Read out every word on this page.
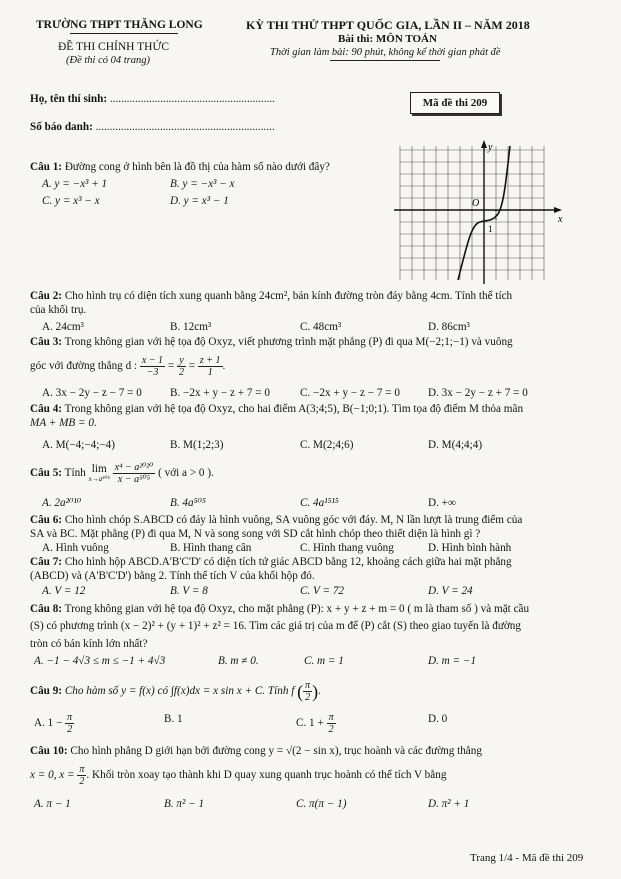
TRƯỜNG THPT THĂNG LONG
ĐỀ THI CHÍNH THỨC
(Đề thi có 04 trang)
KỲ THI THỬ THPT QUỐC GIA, LẦN II – NĂM 2018
Bài thi: MÔN TOÁN
Thời gian làm bài: 90 phút, không kể thời gian phát đề
Họ, tên thí sinh: ...........................................................
Số báo danh: ................................................................
Mã đề thi 209
x
y
O
1
Câu 1: Đường cong ở hình bên là đồ thị của hàm số nào dưới đây?
A. y = −x³ + 1	B. y = −x³ − x
C. y = x³ − x	D. y = x³ − 1
Câu 2: Cho hình trụ có diện tích xung quanh bằng 24cm², bán kính đường tròn đáy bằng 4cm. Tính thể tích
của khối trụ.
A. 24cm³	B. 12cm³	C. 48cm³	D. 86cm³
Câu 3: Trong không gian với hệ tọa độ Oxyz, viết phương trình mặt phẳng (P) đi qua M(−2;1;−1) và vuông
góc với đường thẳng d : $\frac{x - 1}{-3} = \frac{y}{2} = \frac{z + 1}{1}$ .
A. 3x − 2y − z − 7 = 0	B. −2x + y − z + 7 = 0	C. −2x + y − z − 7 = 0	D. 3x − 2y − z + 7 = 0
Câu 4: Trong không gian với hệ tọa độ Oxyz, cho hai điểm A(3;4;5), B(−1;0;1). Tìm tọa độ điểm M thỏa mãn
MA + MB = 0.
A. M(−4;−4;−4)	B. M(1;2;3)	C. M(2;4;6)	D. M(4;4;4)
Câu 5: Tính lim
x→a⁵⁰⁵
$\frac{\text{x⁴ − a²⁰²⁰}}{\text{x − a⁵⁰⁵}}$ ( với a > 0 ).
A. 2a²⁰¹⁰	B. 4a⁵⁰⁵	C. 4a¹⁵¹⁵	D. +∞
Câu 6: Cho hình chóp S.ABCD có đáy là hình vuông, SA vuông góc với đáy. M, N lần lượt là trung điểm của
SA và BC. Mặt phẳng (P) đi qua M, N và song song với SD cắt hình chóp theo thiết diện là hình gì ?
A. Hình vuông	B. Hình thang cân	C. Hình thang vuông	D. Hình bình hành
Câu 7: Cho hình hộp ABCD.A'B'C'D' có diện tích tứ giác ABCD bằng 12, khoảng cách giữa hai mặt phẳng
(ABCD) và (A'B'C'D') bằng 2. Tính thể tích V của khối hộp đó.
A. V = 12	B. V = 8	C. V = 72	D. V = 24
Câu 8: Trong không gian với hệ tọa độ Oxyz, cho mặt phẳng (P): x + y + z + m = 0 ( m là tham số ) và mặt cầu
(S) có phương trình (x − 2)² + (y + 1)² + z² = 16. Tìm các giá trị của m để (P) cắt (S) theo giao tuyến là đường
tròn có bán kính lớn nhất?
A. −1 − 4√3 ≤ m ≤ −1 + 4√3	B. m ≠ 0.	C. m = 1	D. m = −1
Câu 9: Cho hàm số y = f(x) có ∫f(x)dx = x sin x + C. Tính f ( $\frac{\pi}{2}$ ).
A. $1 - \frac{\pi}{2}$	B. 1	C. $1 + \frac{\pi}{2}$	D. 0
Câu 10: Cho hình phẳng D giới hạn bởi đường cong y = √(2 − sin x), trục hoành và các đường thẳng
x = 0, $x = \frac{\pi}{2}$ . Khối tròn xoay tạo thành khi D quay xung quanh trục hoành có thể tích V bằng
A. π − 1	B. π² − 1	C. π(π − 1)	D. π² + 1
Trang 1/4 - Mã đề thi 209
